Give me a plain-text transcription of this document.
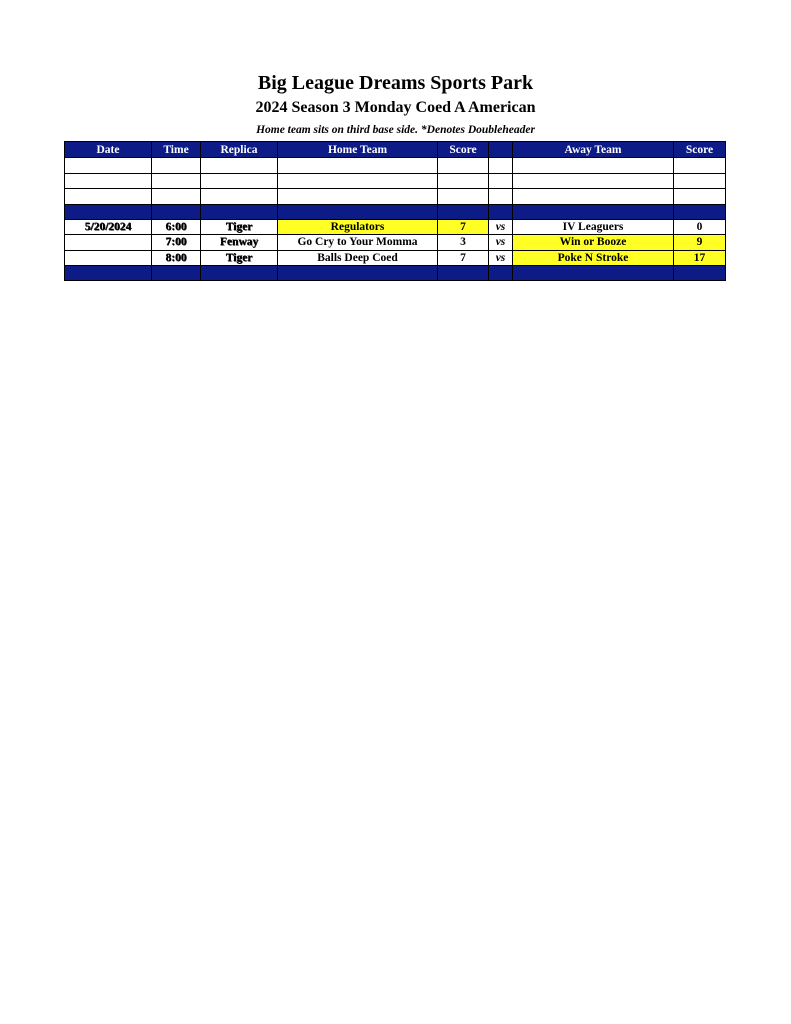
Big League Dreams Sports Park
2024 Season 3 Monday Coed A American
Home team sits on third base side. *Denotes Doubleheader
Date	Time	Replica	Home Team	Score		Away Team	Score

5/20/2024	6:00	Tiger	Regulators	7	vs	IV Leaguers	0
	7:00	Fenway	Go Cry to Your Momma	3	vs	Win or Booze	9
	8:00	Tiger	Balls Deep Coed	7	vs	Poke N Stroke	17
